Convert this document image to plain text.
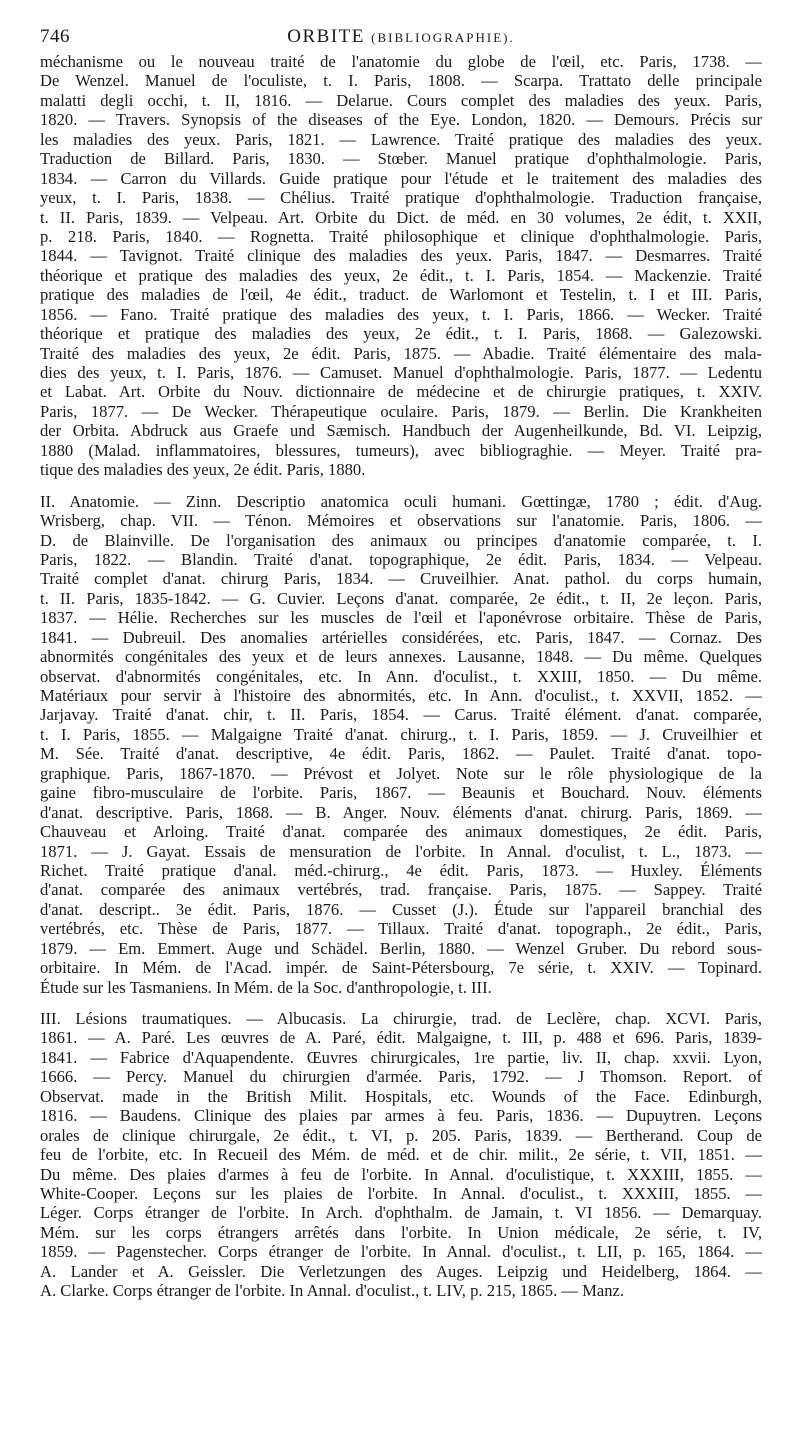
746	ORBITE (BIBLIOGRAPHIE).
méchanisme ou le nouveau traité de l'anatomie du globe de l'œil, etc. Paris, 1738. —
De Wenzel. Manuel de l'oculiste, t. I. Paris, 1808. — Scarpa. Trattato delle principale
malatti degli occhi, t. II, 1816. — Delarue. Cours complet des maladies des yeux. Paris,
1820. — Travers. Synopsis of the diseases of the Eye. London, 1820. — Demours. Précis sur
les maladies des yeux. Paris, 1821. — Lawrence. Traité pratique des maladies des yeux.
Traduction de Billard. Paris, 1830. — Stœber. Manuel pratique d'ophthalmologie. Paris,
1834. — Carron du Villards. Guide pratique pour l'étude et le traitement des maladies des
yeux, t. I. Paris, 1838. — Chélius. Traité pratique d'ophthalmologie. Traduction française,
t. II. Paris, 1839. — Velpeau. Art. Orbite du Dict. de méd. en 30 volumes, 2e édit, t. XXII,
p. 218. Paris, 1840. — Rognetta. Traité philosophique et clinique d'ophthalmologie. Paris,
1844. — Tavignot. Traité clinique des maladies des yeux. Paris, 1847. — Desmarres. Traité
théorique et pratique des maladies des yeux, 2e édit., t. I. Paris, 1854. — Mackenzie. Traité
pratique des maladies de l'œil, 4e édit., traduct. de Warlomont et Testelin, t. I et III. Paris,
1856. — Fano. Traité pratique des maladies des yeux, t. I. Paris, 1866. — Wecker. Traité
théorique et pratique des maladies des yeux, 2e édit., t. I. Paris, 1868. — Galezowski.
Traité des maladies des yeux, 2e édit. Paris, 1875. — Abadie. Traité élémentaire des mala-
dies des yeux, t. I. Paris, 1876. — Camuset. Manuel d'ophthalmologie. Paris, 1877. — Ledentu
et Labat. Art. Orbite du Nouv. dictionnaire de médecine et de chirurgie pratiques, t. XXIV.
Paris, 1877. — De Wecker. Thérapeutique oculaire. Paris, 1879. — Berlin. Die Krankheiten
der Orbita. Abdruck aus Graefe und Sæmisch. Handbuch der Augenheilkunde, Bd. VI. Leipzig,
1880 (Malad. inflammatoires, blessures, tumeurs), avec bibliograghie. — Meyer. Traité pra-
tique des maladies des yeux, 2e édit. Paris, 1880.
II. Anatomie. — Zinn. Descriptio anatomica oculi humani. Gœttingæ, 1780 ; édit. d'Aug.
Wrisberg, chap. VII. — Ténon. Mémoires et observations sur l'anatomie. Paris, 1806. —
D. de Blainville. De l'organisation des animaux ou principes d'anatomie comparée, t. I.
Paris, 1822. — Blandin. Traité d'anat. topographique, 2e édit. Paris, 1834. — Velpeau.
Traité complet d'anat. chirurg Paris, 1834. — Cruveilhier. Anat. pathol. du corps humain,
t. II. Paris, 1835-1842. — G. Cuvier. Leçons d'anat. comparée, 2e édit., t. II, 2e leçon. Paris,
1837. — Hélie. Recherches sur les muscles de l'œil et l'aponévrose orbitaire. Thèse de Paris,
1841. — Dubreuil. Des anomalies artérielles considérées, etc. Paris, 1847. — Cornaz. Des
abnormités congénitales des yeux et de leurs annexes. Lausanne, 1848. — Du même. Quelques
observat. d'abnormités congénitales, etc. In Ann. d'oculist., t. XXIII, 1850. — Du même.
Matériaux pour servir à l'histoire des abnormités, etc. In Ann. d'oculist., t. XXVII, 1852. —
Jarjavay. Traité d'anat. chir, t. II. Paris, 1854. — Carus. Traité élément. d'anat. comparée,
t. I. Paris, 1855. — Malgaigne Traité d'anat. chirurg., t. I. Paris, 1859. — J. Cruveilhier et
M. Sée. Traité d'anat. descriptive, 4e édit. Paris, 1862. — Paulet. Traité d'anat. topo-
graphique. Paris, 1867-1870. — Prévost et Jolyet. Note sur le rôle physiologique de la
gaine fibro-musculaire de l'orbite. Paris, 1867. — Beaunis et Bouchard. Nouv. éléments
d'anat. descriptive. Paris, 1868. — B. Anger. Nouv. éléments d'anat. chirurg. Paris, 1869. —
Chauveau et Arloing. Traité d'anat. comparée des animaux domestiques, 2e édit. Paris,
1871. — J. Gayat. Essais de mensuration de l'orbite. In Annal. d'oculist, t. L., 1873. —
Richet. Traité pratique d'anal. méd.-chirurg., 4e édit. Paris, 1873. — Huxley. Éléments
d'anat. comparée des animaux vertébrés, trad. française. Paris, 1875. — Sappey. Traité
d'anat. descript.. 3e édit. Paris, 1876. — Cusset (J.). Étude sur l'appareil branchial des
vertébrés, etc. Thèse de Paris, 1877. — Tillaux. Traité d'anat. topograph., 2e édit., Paris,
1879. — Em. Emmert. Auge und Schädel. Berlin, 1880. — Wenzel Gruber. Du rebord sous-
orbitaire. In Mém. de l'Acad. impér. de Saint-Pétersbourg, 7e série, t. XXIV. — Topinard.
Étude sur les Tasmaniens. In Mém. de la Soc. d'anthropologie, t. III.
III. Lésions traumatiques. — Albucasis. La chirurgie, trad. de Leclère, chap. XCVI. Paris,
1861. — A. Paré. Les œuvres de A. Paré, édit. Malgaigne, t. III, p. 488 et 696. Paris, 1839-
1841. — Fabrice d'Aquapendente. Œuvres chirurgicales, 1re partie, liv. II, chap. xxvii. Lyon,
1666. — Percy. Manuel du chirurgien d'armée. Paris, 1792. — J Thomson. Report. of
Observat. made in the British Milit. Hospitals, etc. Wounds of the Face. Edinburgh,
1816. — Baudens. Clinique des plaies par armes à feu. Paris, 1836. — Dupuytren. Leçons
orales de clinique chirurgale, 2e édit., t. VI, p. 205. Paris, 1839. — Bertherand. Coup de
feu de l'orbite, etc. In Recueil des Mém. de méd. et de chir. milit., 2e série, t. VII, 1851. —
Du même. Des plaies d'armes à feu de l'orbite. In Annal. d'oculistique, t. XXXIII, 1855. —
White-Cooper. Leçons sur les plaies de l'orbite. In Annal. d'oculist., t. XXXIII, 1855. —
Léger. Corps étranger de l'orbite. In Arch. d'ophthalm. de Jamain, t. VI 1856. — Demarquay.
Mém. sur les corps étrangers arrêtés dans l'orbite. In Union médicale, 2e série, t. IV,
1859. — Pagenstecher. Corps étranger de l'orbite. In Annal. d'oculist., t. LII, p. 165, 1864. —
A. Lander et A. Geissler. Die Verletzungen des Auges. Leipzig und Heidelberg, 1864. —
A. Clarke. Corps étranger de l'orbite. In Annal. d'oculist., t. LIV, p. 215, 1865. — Manz.
